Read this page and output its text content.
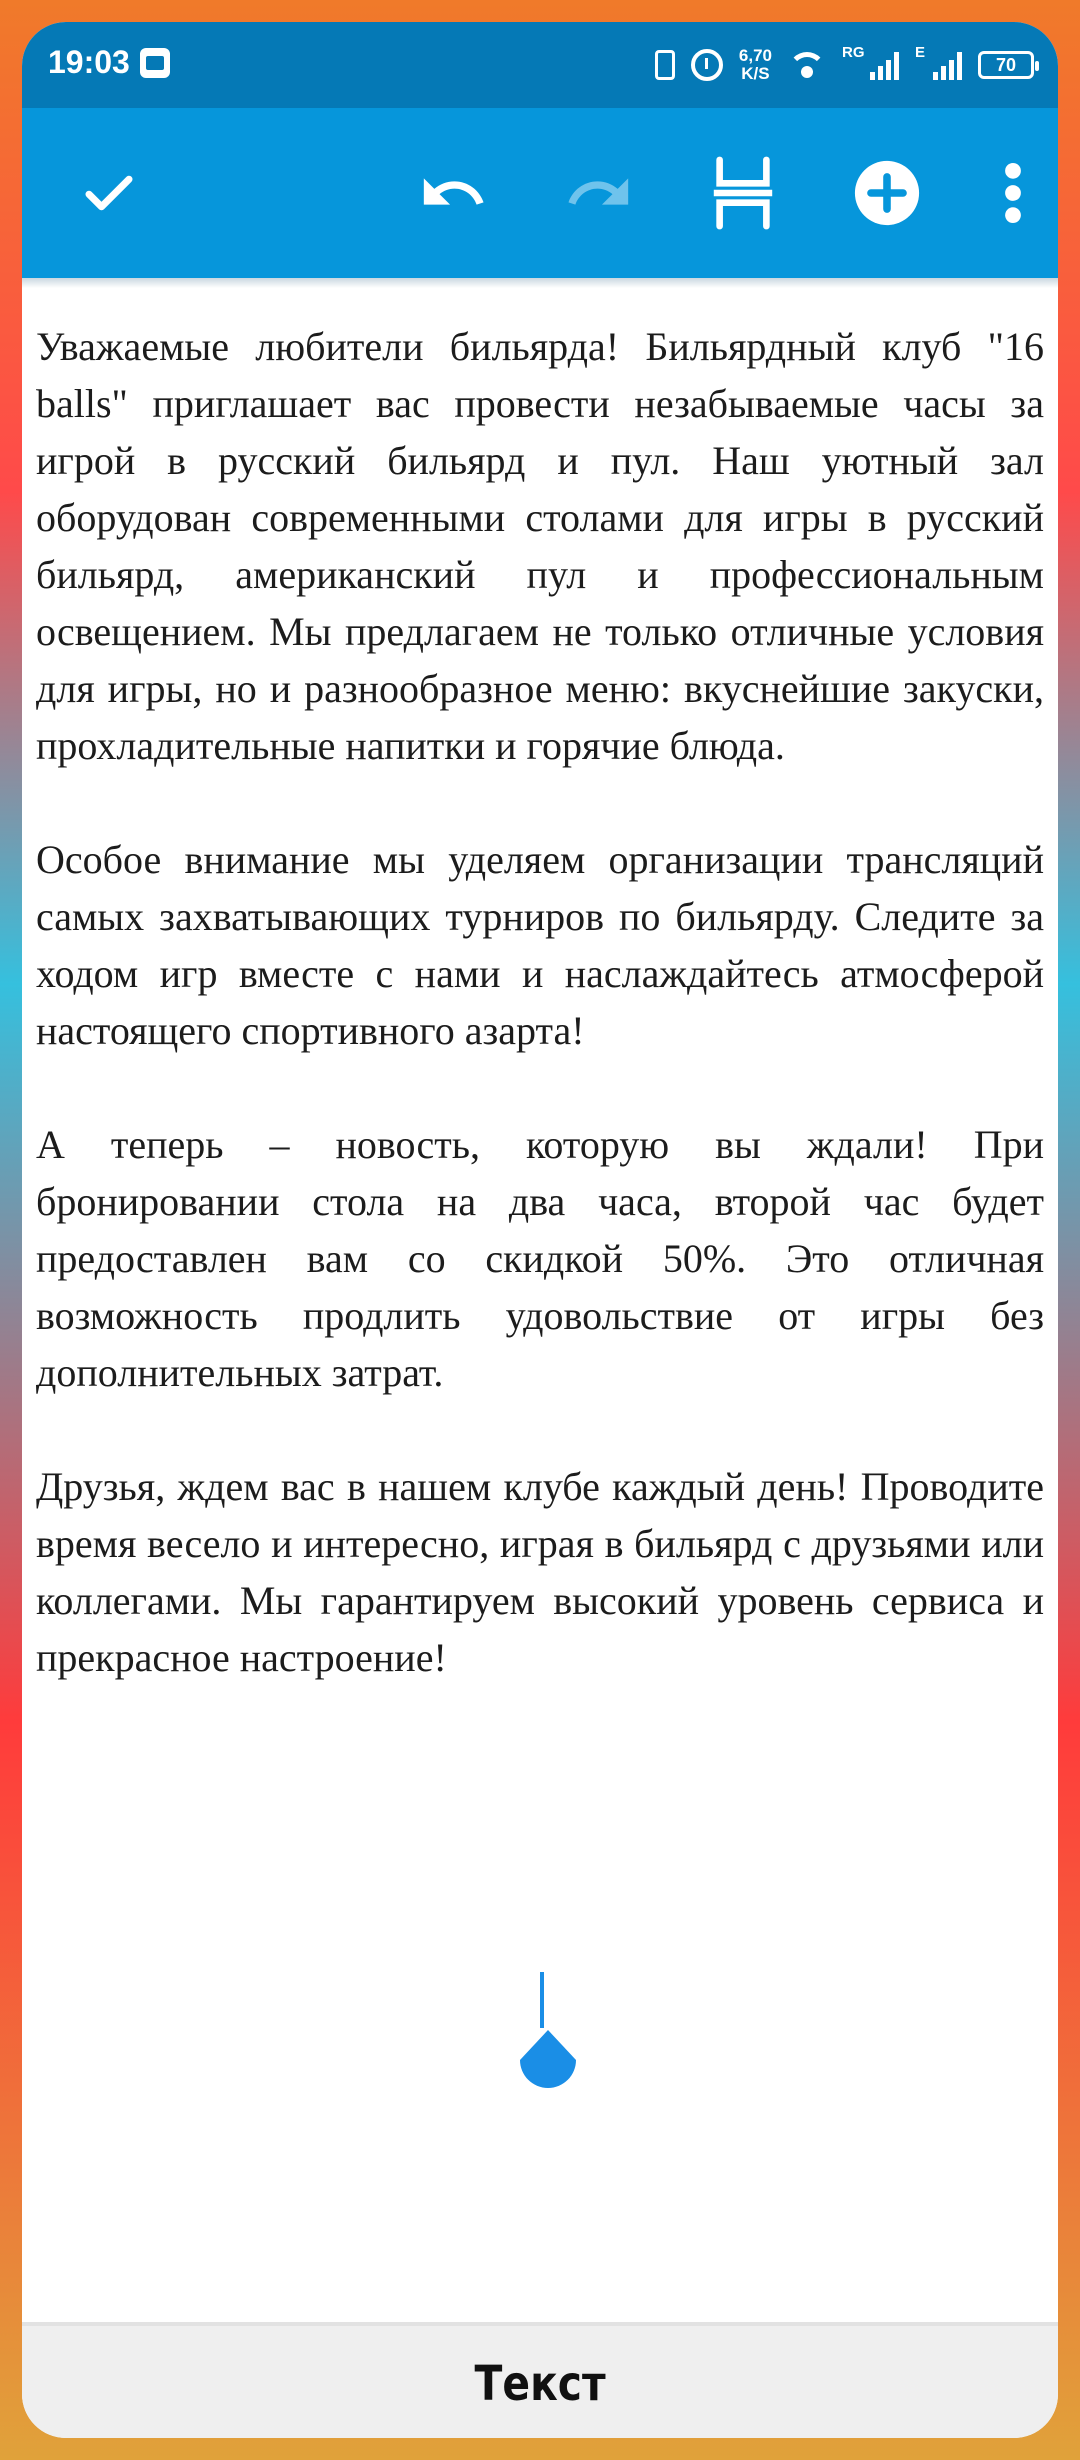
19:03	6,70
K/S
RG	E
70

Уважаемые любители бильярда! Бильярдный клуб "16 balls" приглашает вас провести незабываемые часы за игрой в русский бильярд и пул. Наш уютный зал оборудован современными столами для игры в русский бильярд, американский пул и профессиональным освещением. Мы предлагаем не только отличные условия для игры, но и разнообразное меню: вкуснейшие закуски, прохладительные напитки и горячие блюда.

Особое внимание мы уделяем организации трансляций самых захватывающих турниров по бильярду. Следите за ходом игр вместе с нами и наслаждайтесь атмосферой настоящего спортивного азарта!

А теперь – новость, которую вы ждали! При бронировании стола на два часа, второй час будет предоставлен вам со скидкой 50%. Это отличная возможность продлить удовольствие от игры без дополнительных затрат.

Друзья, ждем вас в нашем клубе каждый день! Проводите время весело и интересно, играя в бильярд с друзьями или коллегами. Мы гарантируем высокий уровень сервиса и прекрасное настроение!

Текст
